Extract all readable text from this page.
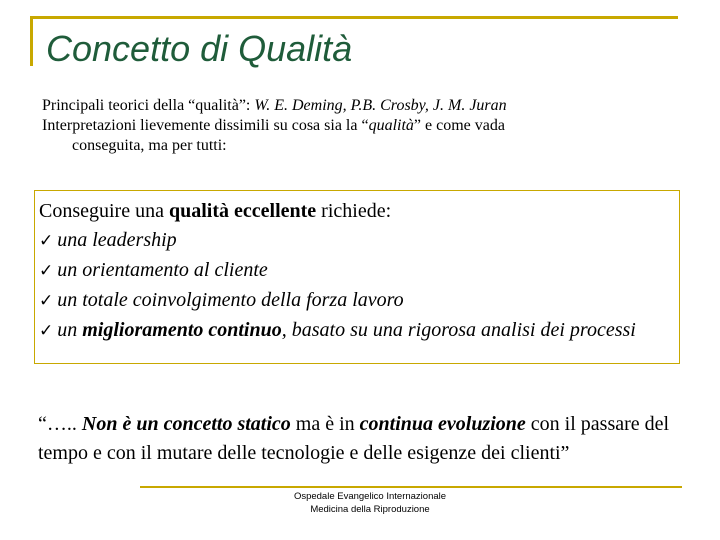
Concetto di Qualità

Principali teorici della “qualità”: W. E. Deming, P.B. Crosby, J. M. Juran

Interpretazioni lievemente dissimili su cosa sia la “qualità” e come vada

conseguita, ma per tutti:

Conseguire una qualità eccellente richiede:

✓ una leadership

✓ un orientamento al cliente

✓ un totale coinvolgimento della forza lavoro

✓ un miglioramento continuo, basato su una rigorosa analisi dei processi

“….. Non è un concetto statico ma è in continua evoluzione con il passare del tempo e con il mutare delle tecnologie e delle esigenze dei clienti”

Ospedale Evangelico Internazionale
Medicina della Riproduzione
